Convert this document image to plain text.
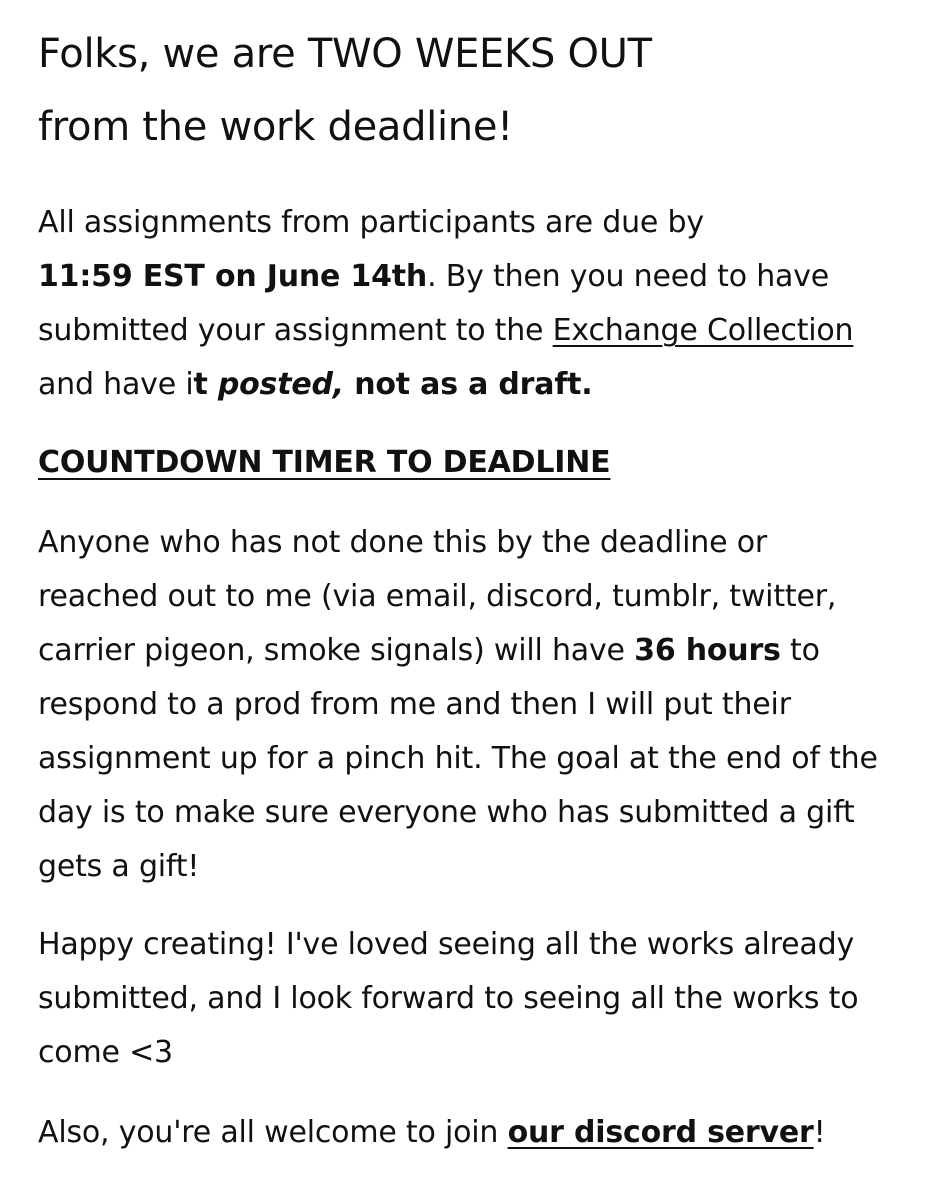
Folks, we are TWO WEEKS OUT
from the work deadline!

All assignments from participants are due by
11:59 EST on June 14th. By then you need to have submitted your assignment to the Exchange Collection and have it posted, not as a draft.

COUNTDOWN TIMER TO DEADLINE

Anyone who has not done this by the deadline or reached out to me (via email, discord, tumblr, twitter, carrier pigeon, smoke signals) will have 36 hours to respond to a prod from me and then I will put their assignment up for a pinch hit. The goal at the end of the day is to make sure everyone who has submitted a gift gets a gift!

Happy creating! I've loved seeing all the works already submitted, and I look forward to seeing all the works to come <3

Also, you're all welcome to join our discord server!
